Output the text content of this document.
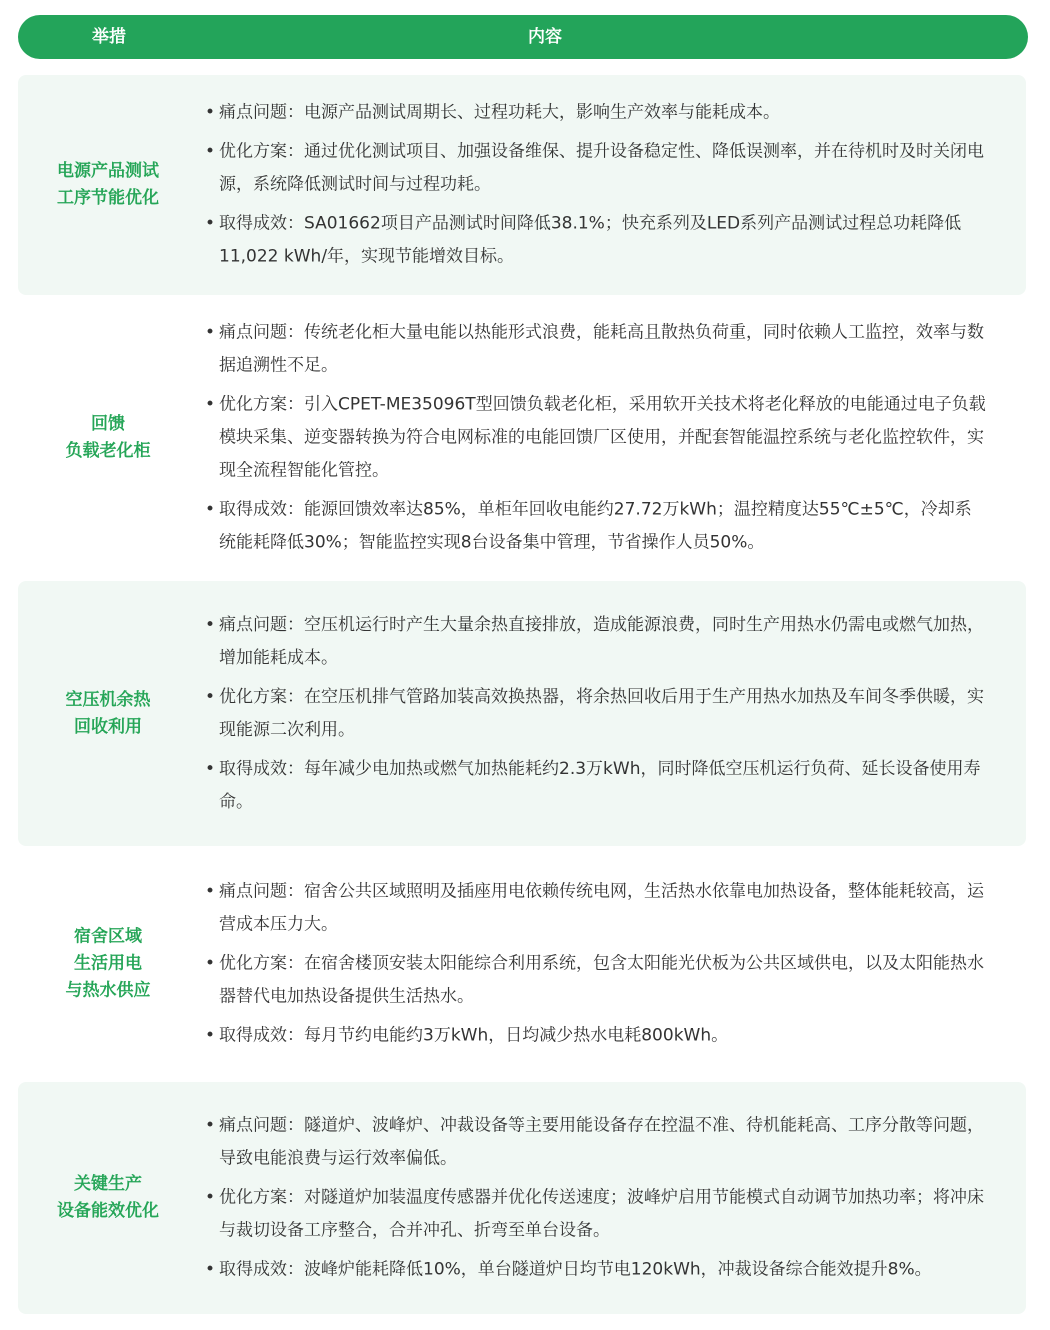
举措	内容
电源产品测试
工序节能优化
• 痛点问题：电源产品测试周期长、过程功耗大，影响生产效率与能耗成本。
• 优化方案：通过优化测试项目、加强设备维保、提升设备稳定性、降低误测率，并在待机时及时关闭电源，系统降低测试时间与过程功耗。
• 取得成效：SA01662项目产品测试时间降低38.1%；快充系列及LED系列产品测试过程总功耗降低11,022 kWh/年，实现节能增效目标。
回馈
负载老化柜
• 痛点问题：传统老化柜大量电能以热能形式浪费，能耗高且散热负荷重，同时依赖人工监控，效率与数据追溯性不足。
• 优化方案：引入CPET-ME35096T型回馈负载老化柜，采用软开关技术将老化释放的电能通过电子负载模块采集、逆变器转换为符合电网标准的电能回馈厂区使用，并配套智能温控系统与老化监控软件，实现全流程智能化管控。
• 取得成效：能源回馈效率达85%，单柜年回收电能约27.72万kWh；温控精度达55℃±5℃，冷却系统能耗降低30%；智能监控实现8台设备集中管理，节省操作人员50%。
空压机余热
回收利用
• 痛点问题：空压机运行时产生大量余热直接排放，造成能源浪费，同时生产用热水仍需电或燃气加热，增加能耗成本。
• 优化方案：在空压机排气管路加装高效换热器，将余热回收后用于生产用热水加热及车间冬季供暖，实现能源二次利用。
• 取得成效：每年减少电加热或燃气加热能耗约2.3万kWh，同时降低空压机运行负荷、延长设备使用寿命。
宿舍区域
生活用电
与热水供应
• 痛点问题：宿舍公共区域照明及插座用电依赖传统电网，生活热水依靠电加热设备，整体能耗较高，运营成本压力大。
• 优化方案：在宿舍楼顶安装太阳能综合利用系统，包含太阳能光伏板为公共区域供电，以及太阳能热水器替代电加热设备提供生活热水。
• 取得成效：每月节约电能约3万kWh，日均减少热水电耗800kWh。
关键生产
设备能效优化
• 痛点问题：隧道炉、波峰炉、冲裁设备等主要用能设备存在控温不准、待机能耗高、工序分散等问题，导致电能浪费与运行效率偏低。
• 优化方案：对隧道炉加装温度传感器并优化传送速度；波峰炉启用节能模式自动调节加热功率；将冲床与裁切设备工序整合，合并冲孔、折弯至单台设备。
• 取得成效：波峰炉能耗降低10%，单台隧道炉日均节电120kWh，冲裁设备综合能效提升8%。
